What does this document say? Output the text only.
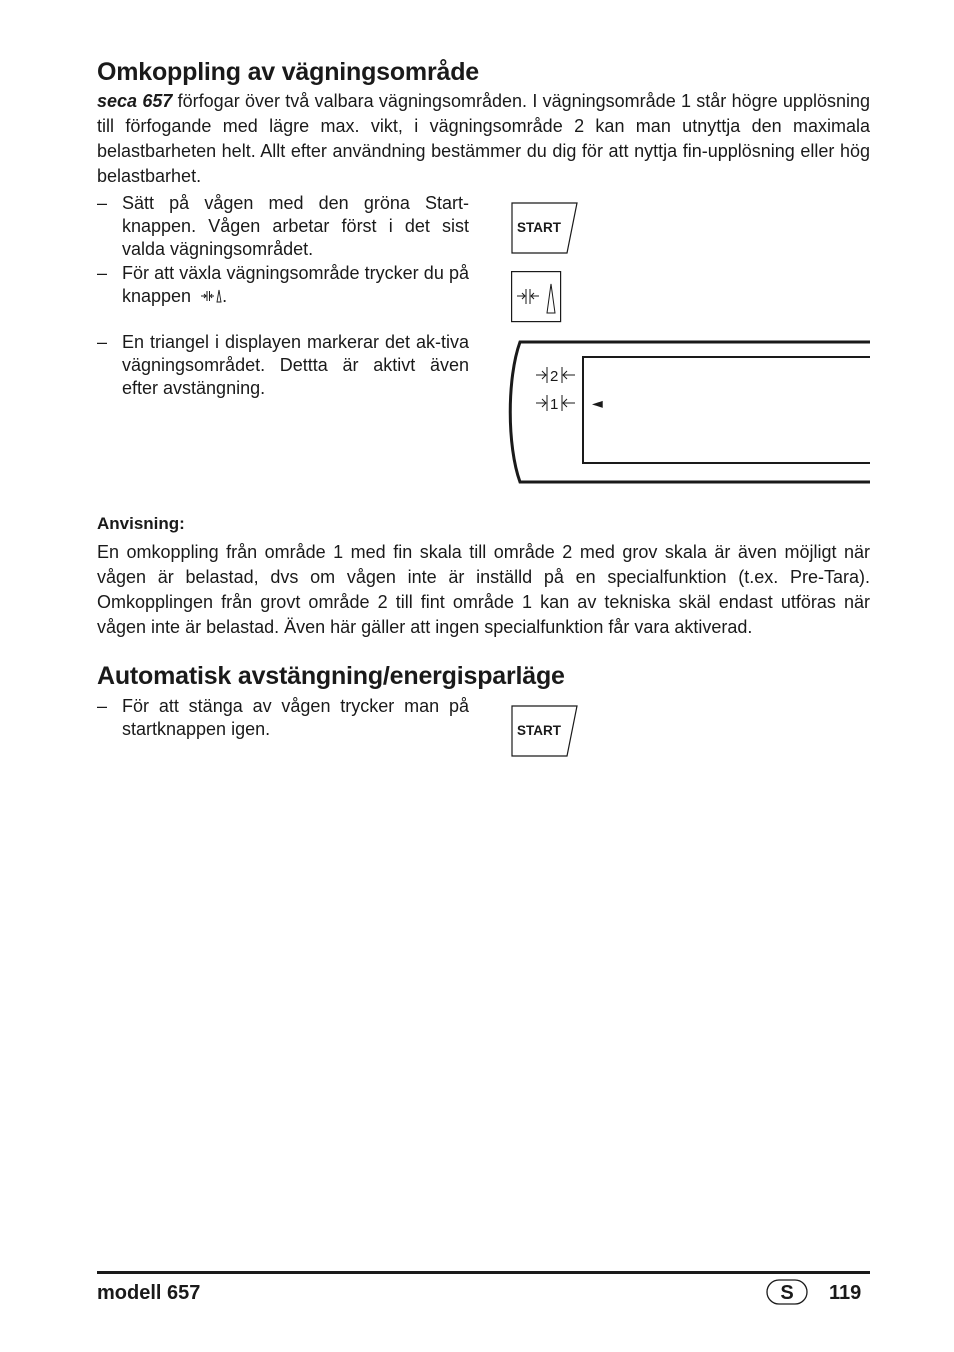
Omkoppling av vägningsområde
seca 657 förfogar över två valbara vägningsområden. I vägningsområde 1 står högre upplösning till förfogande med lägre max. vikt, i vägningsområde 2 kan man utnyttja den maximala belastbarheten helt. Allt efter användning bestämmer du dig för att nyttja fin-upplösning eller hög belastbarhet.
– Sätt på vågen med den gröna Start-knappen. Vågen arbetar först i det sist valda vägningsområdet.
– För att växla vägningsområde trycker du på knappen .
– En triangel i displayen markerar det ak-tiva vägningsområdet. Dettta är aktivt även efter avstängning.
START
2
1 ◄
Anvisning:
En omkoppling från område 1 med fin skala till område 2 med grov skala är även möjligt när vågen är belastad, dvs om vågen inte är inställd på en specialfunktion (t.ex. Pre-Tara). Omkopplingen från grovt område 2 till fint område 1 kan av tekniska skäl endast utföras när vågen inte är belastad. Även här gäller att ingen specialfunktion får vara aktiverad.
Automatisk avstängning/energisparläge
– För att stänga av vågen trycker man på startknappen igen.	START
modell 657	S 119
